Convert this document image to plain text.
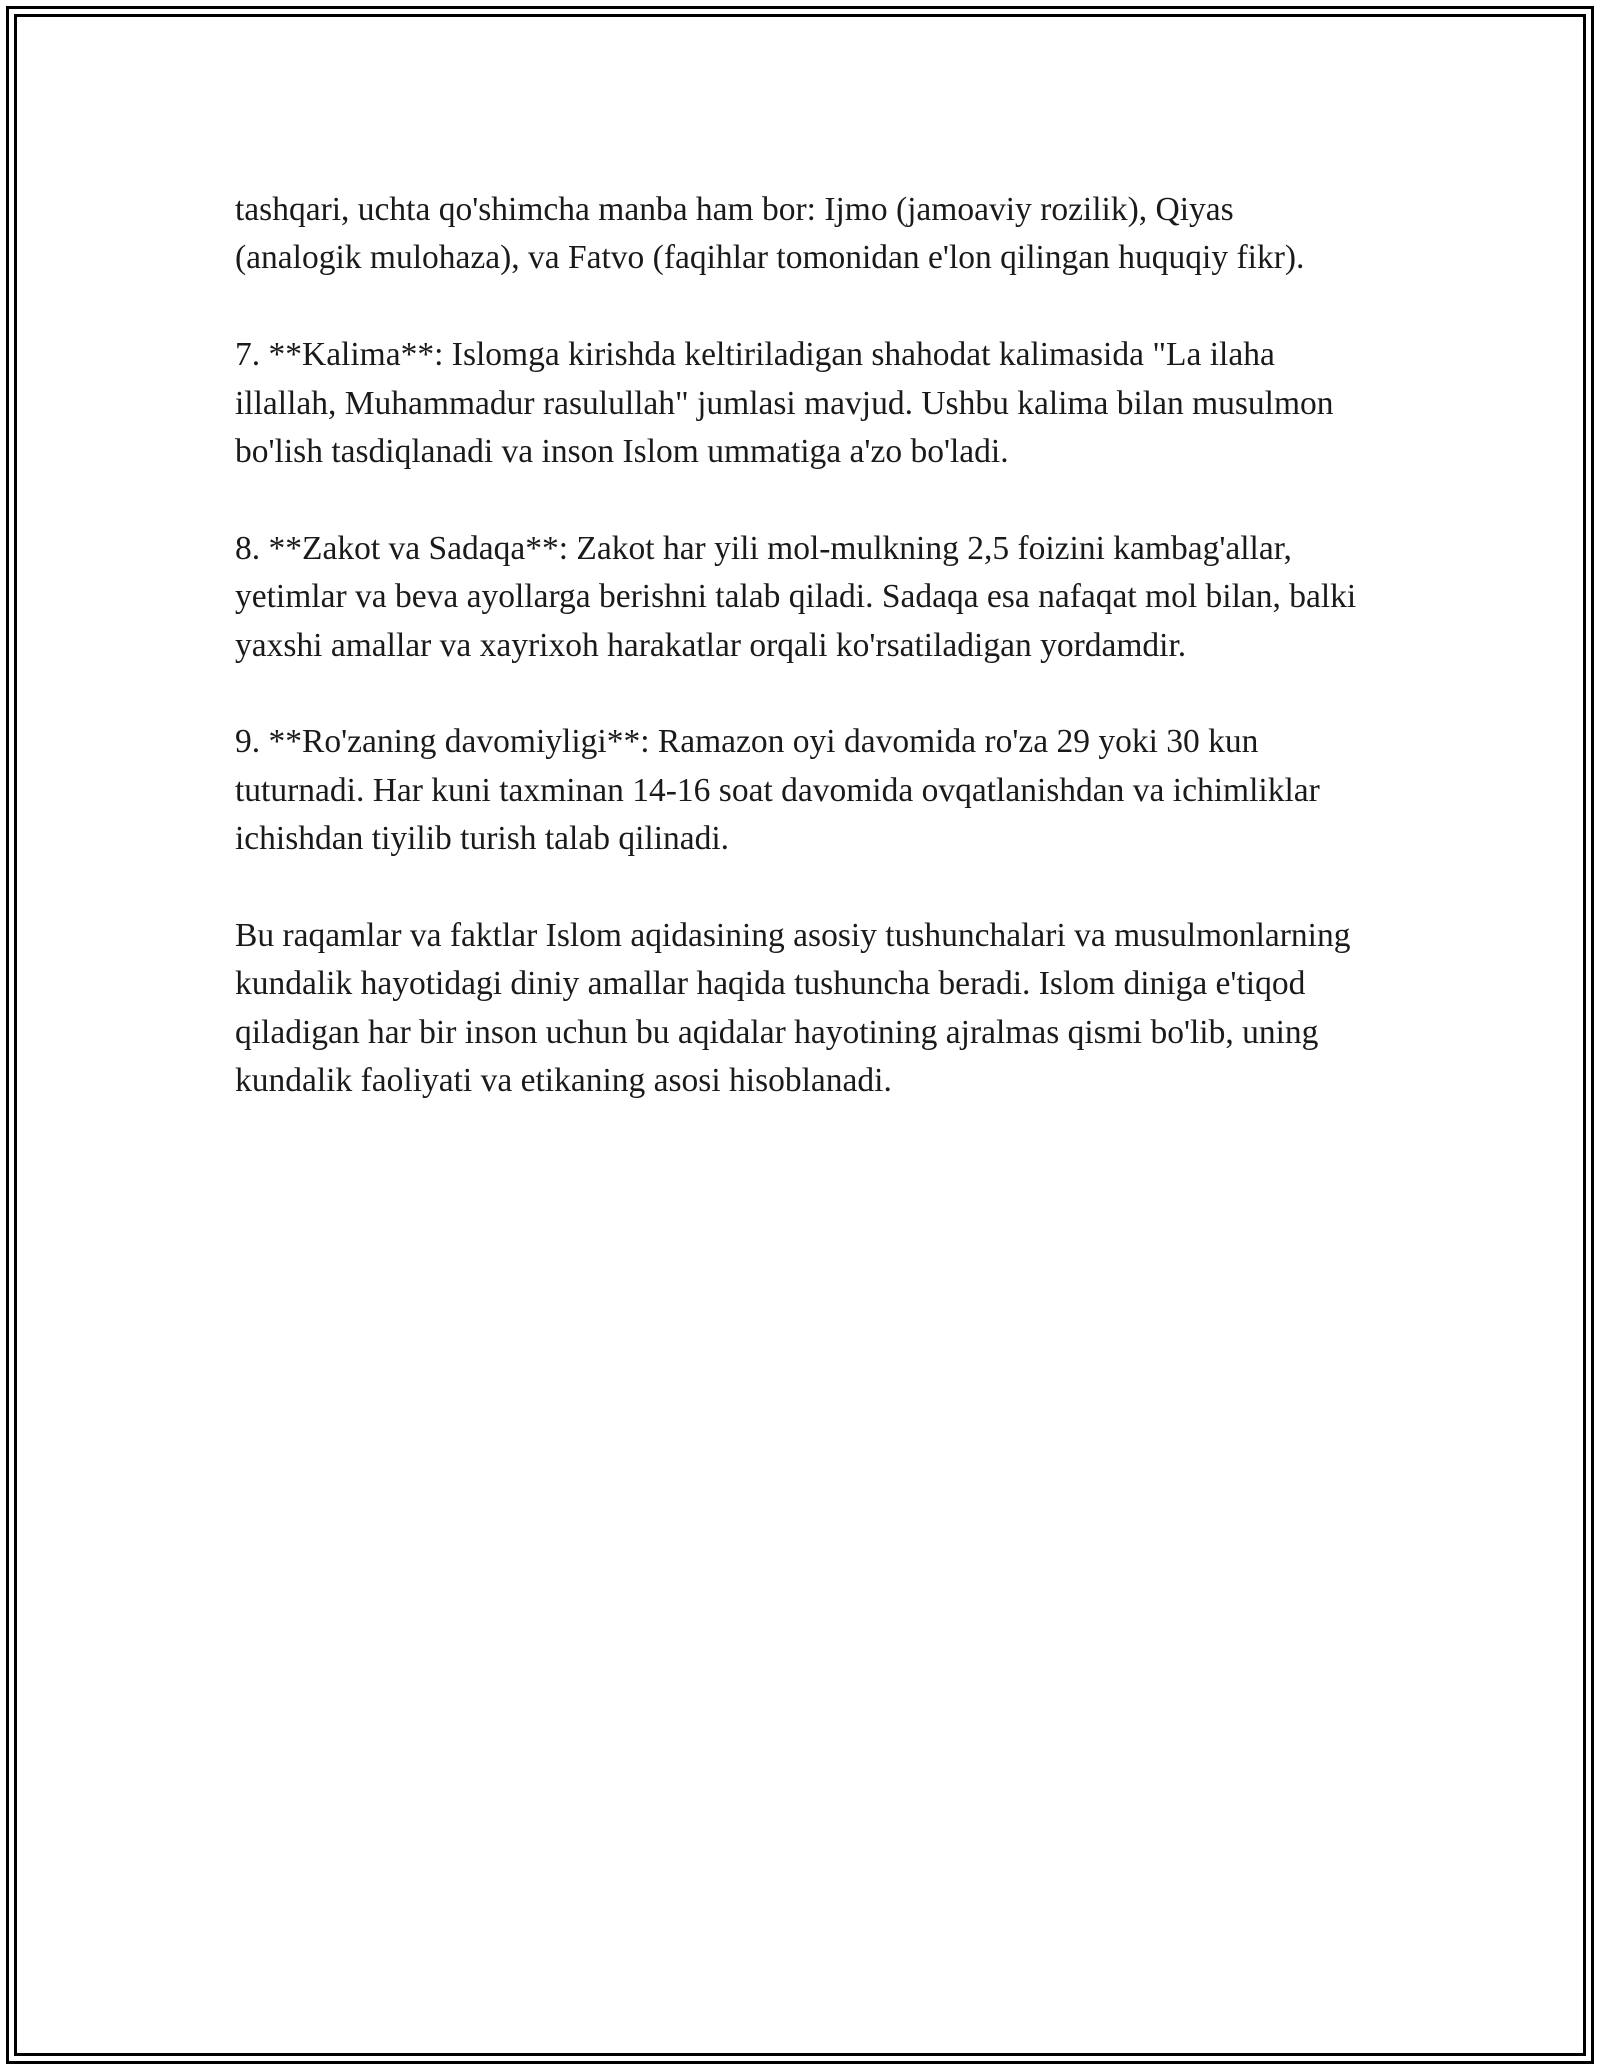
tashqari, uchta qo'shimcha manba ham bor: Ijmo (jamoaviy rozilik), Qiyas (analogik mulohaza), va Fatvo (faqihlar tomonidan e'lon qilingan huquqiy fikr).

7. **Kalima**: Islomga kirishda keltiriladigan shahodat kalimasida "La ilaha illallah, Muhammadur rasulullah" jumlasi mavjud. Ushbu kalima bilan musulmon bo'lish tasdiqlanadi va inson Islom ummatiga a'zo bo'ladi.

8. **Zakot va Sadaqa**: Zakot har yili mol-mulkning 2,5 foizini kambag'allar, yetimlar va beva ayollarga berishni talab qiladi. Sadaqa esa nafaqat mol bilan, balki yaxshi amallar va xayrixoh harakatlar orqali ko'rsatiladigan yordamdir.

9. **Ro'zaning davomiyligi**: Ramazon oyi davomida ro'za 29 yoki 30 kun tuturnadi. Har kuni taxminan 14-16 soat davomida ovqatlanishdan va ichimliklar ichishdan tiyilib turish talab qilinadi.

Bu raqamlar va faktlar Islom aqidasining asosiy tushunchalari va musulmonlarning kundalik hayotidagi diniy amallar haqida tushuncha beradi. Islom diniga e'tiqod qiladigan har bir inson uchun bu aqidalar hayotining ajralmas qismi bo'lib, uning kundalik faoliyati va etikaning asosi hisoblanadi.
